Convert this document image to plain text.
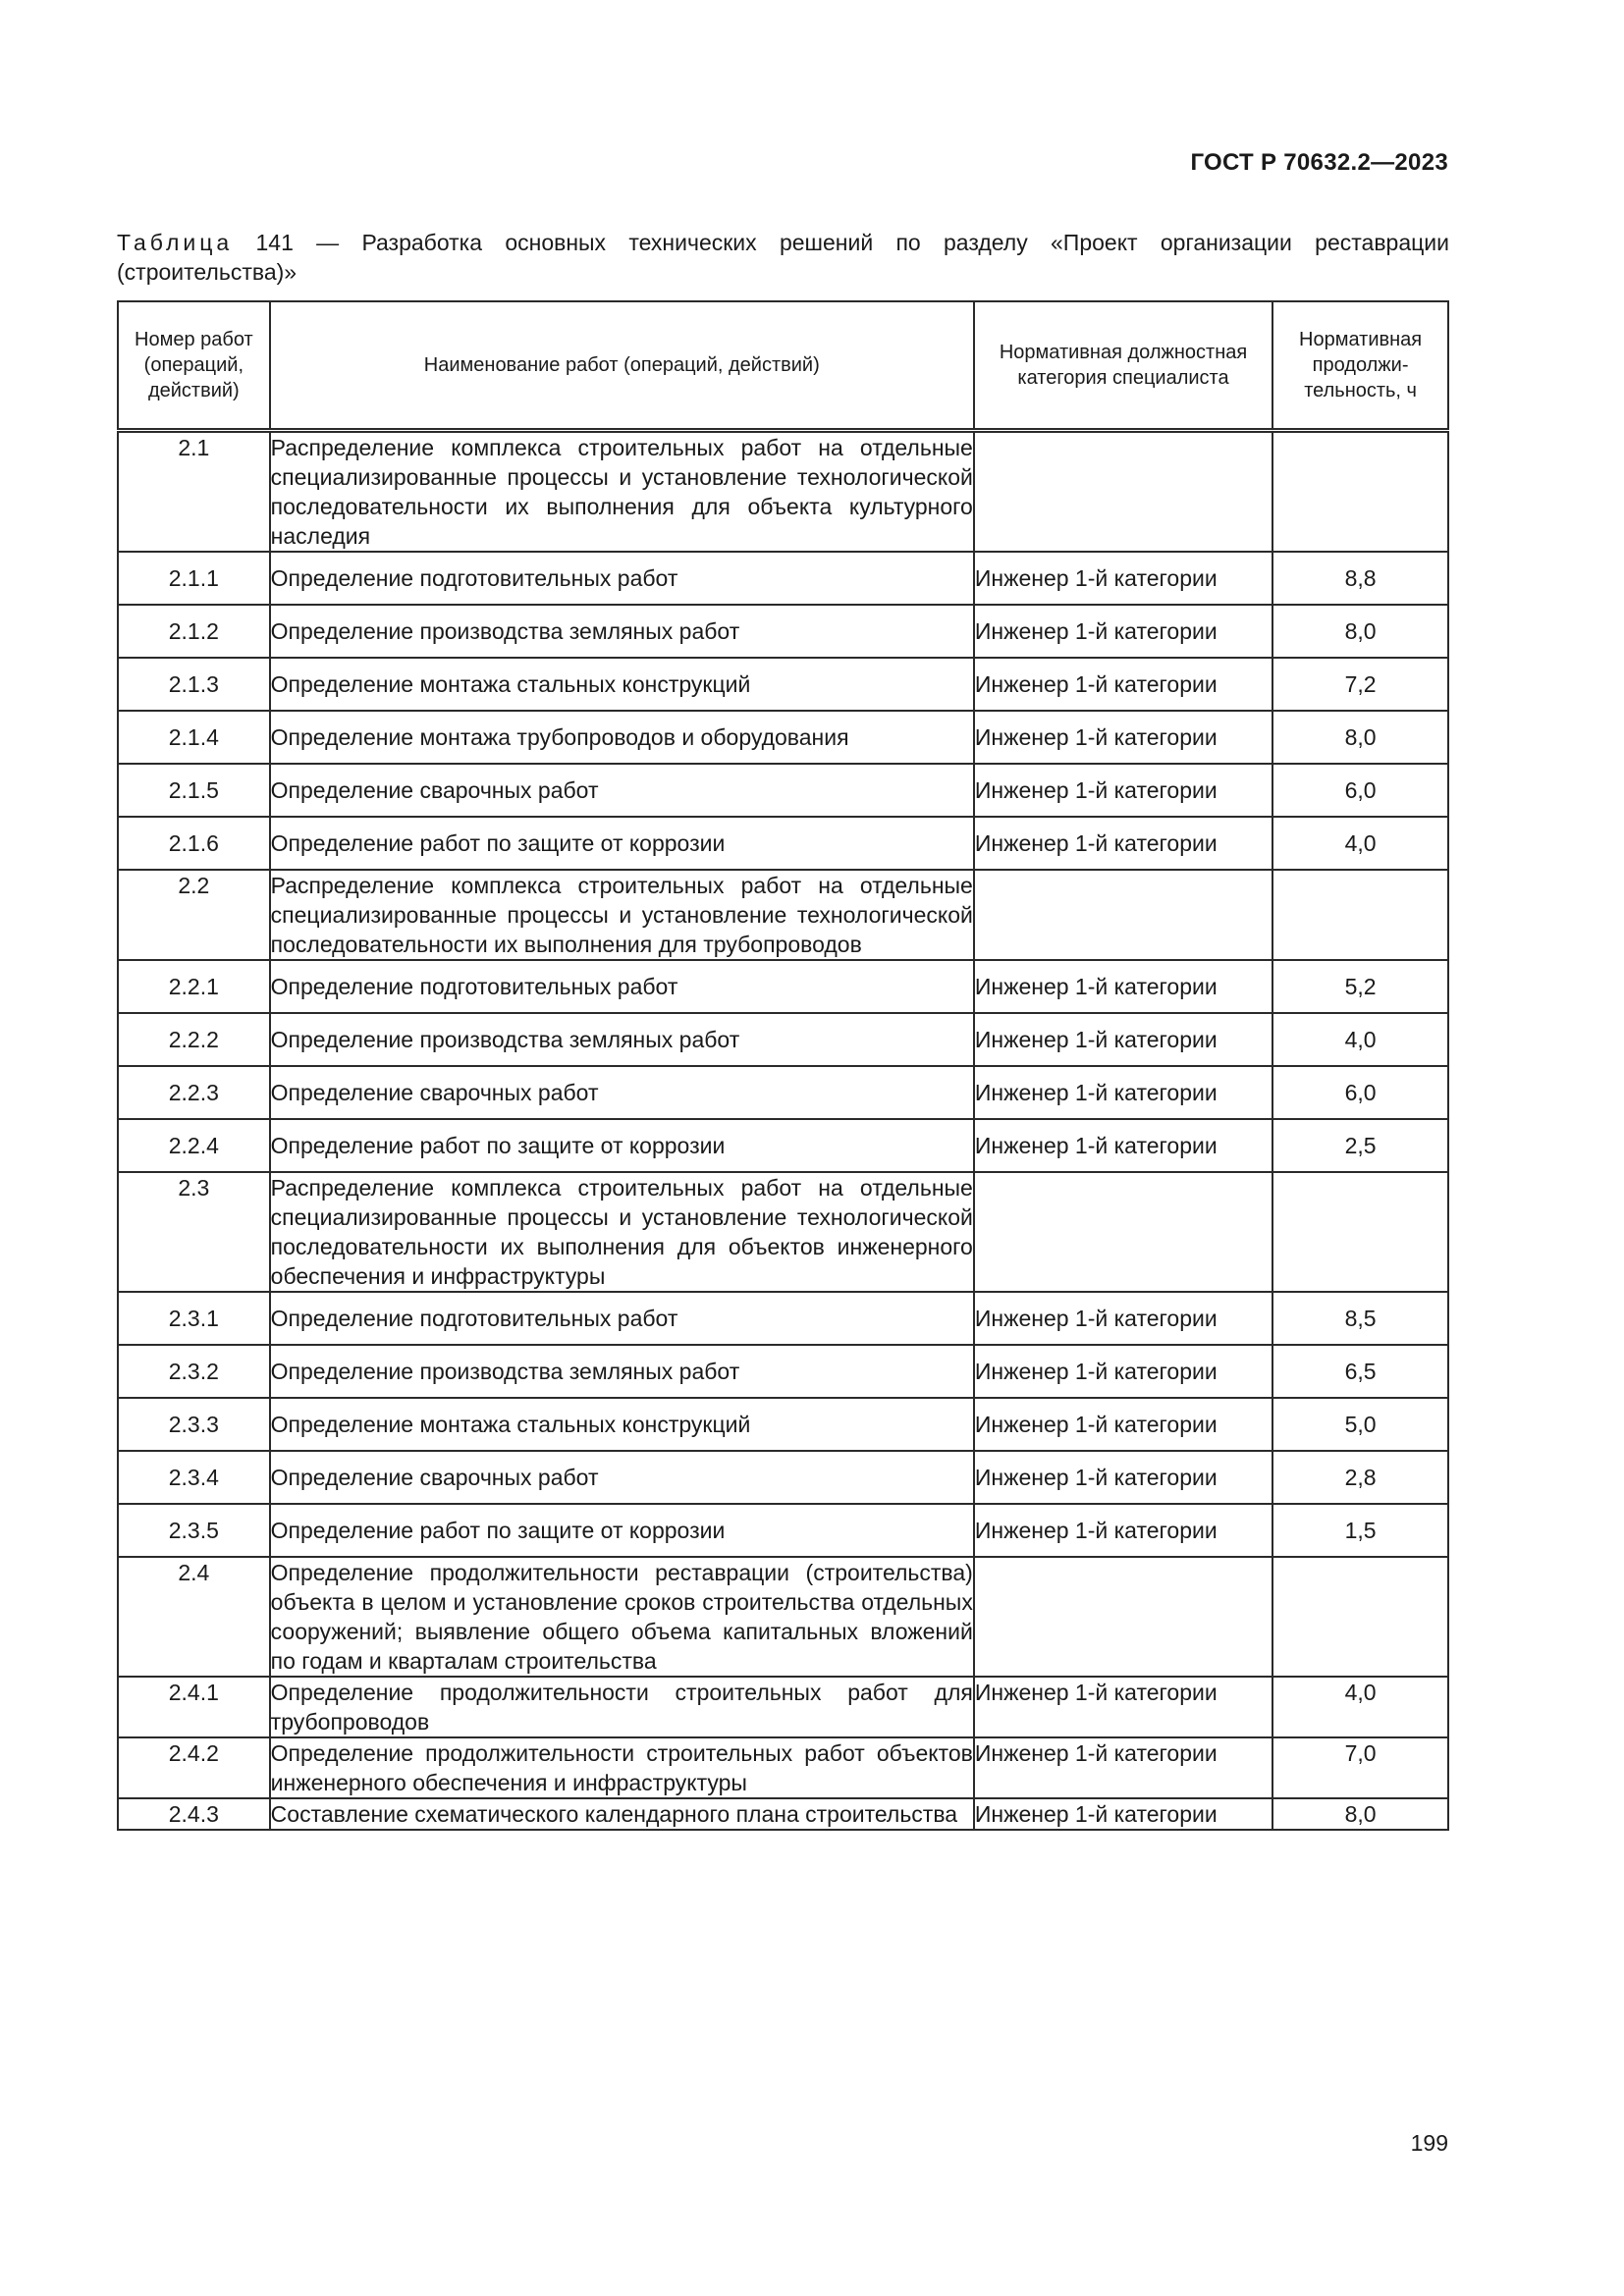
ГОСТ Р 70632.2—2023
Таблица 141 — Разработка основных технических решений по разделу «Проект организации реставрации (строительства)»
Номер работ (операций, действий)	Наименование работ (операций, действий)	Нормативная должностная категория специалиста	Нормативная продолжительность, ч
2.1	Распределение комплекса строительных работ на отдельные специализированные процессы и установление технологической последовательности их выполнения для объекта культурного наследия		
2.1.1	Определение подготовительных работ	Инженер 1-й категории	8,8
2.1.2	Определение производства земляных работ	Инженер 1-й категории	8,0
2.1.3	Определение монтажа стальных конструкций	Инженер 1-й категории	7,2
2.1.4	Определение монтажа трубопроводов и оборудования	Инженер 1-й категории	8,0
2.1.5	Определение сварочных работ	Инженер 1-й категории	6,0
2.1.6	Определение работ по защите от коррозии	Инженер 1-й категории	4,0
2.2	Распределение комплекса строительных работ на отдельные специализированные процессы и установление технологической последовательности их выполнения для трубопроводов		
2.2.1	Определение подготовительных работ	Инженер 1-й категории	5,2
2.2.2	Определение производства земляных работ	Инженер 1-й категории	4,0
2.2.3	Определение сварочных работ	Инженер 1-й категории	6,0
2.2.4	Определение работ по защите от коррозии	Инженер 1-й категории	2,5
2.3	Распределение комплекса строительных работ на отдельные специализированные процессы и установление технологической последовательности их выполнения для объектов инженерного обеспечения и инфраструктуры		
2.3.1	Определение подготовительных работ	Инженер 1-й категории	8,5
2.3.2	Определение производства земляных работ	Инженер 1-й категории	6,5
2.3.3	Определение монтажа стальных конструкций	Инженер 1-й категории	5,0
2.3.4	Определение сварочных работ	Инженер 1-й категории	2,8
2.3.5	Определение работ по защите от коррозии	Инженер 1-й категории	1,5
2.4	Определение продолжительности реставрации (строительства) объекта в целом и установление сроков строительства отдельных сооружений; выявление общего объема капитальных вложений по годам и кварталам строительства		
2.4.1	Определение продолжительности строительных работ для трубопроводов	Инженер 1-й категории	4,0
2.4.2	Определение продолжительности строительных работ объектов инженерного обеспечения и инфраструктуры	Инженер 1-й категории	7,0
2.4.3	Составление схематического календарного плана строительства	Инженер 1-й категории	8,0
199
